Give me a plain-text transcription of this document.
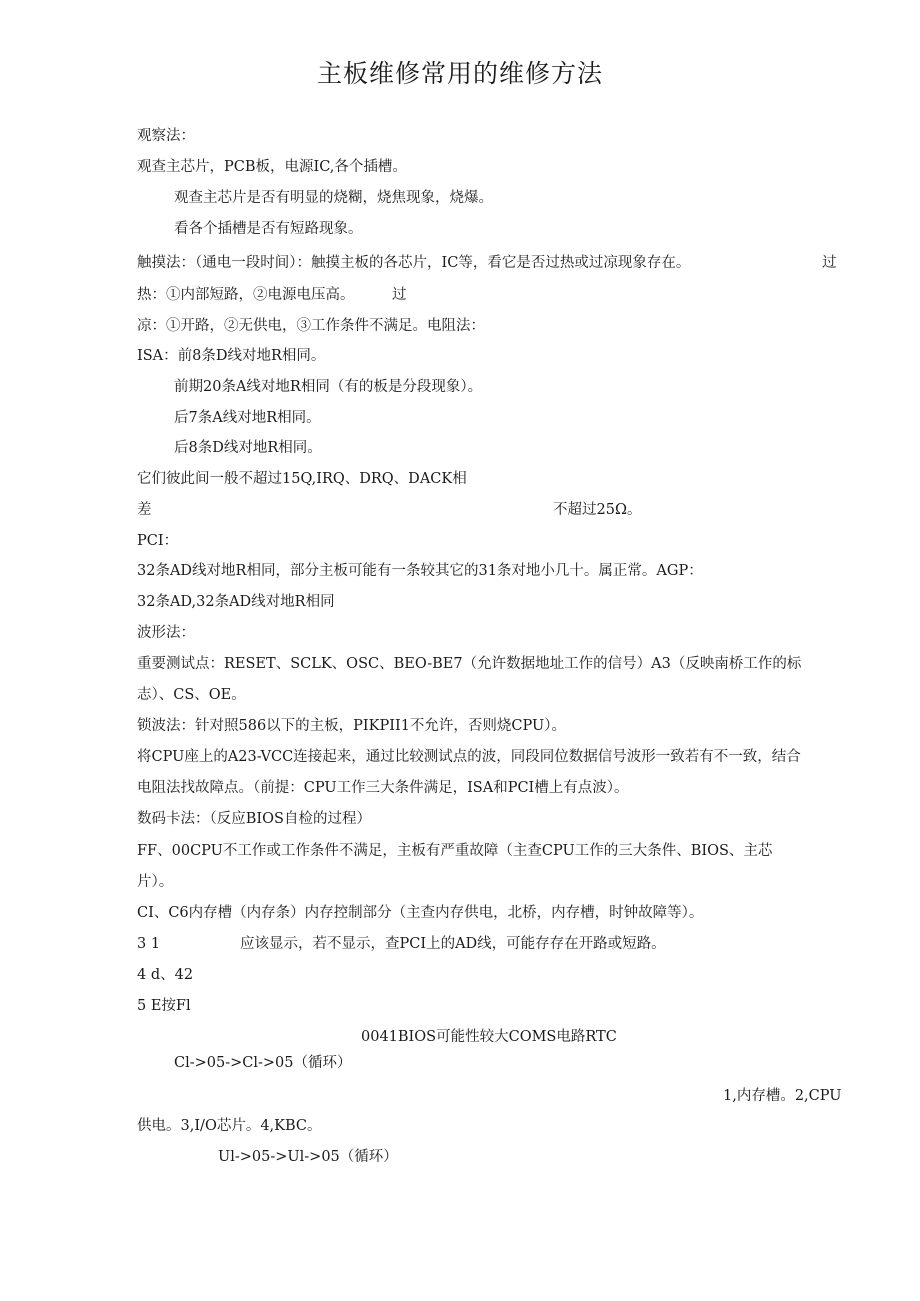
主板维修常用的维修方法
观察法：
观查主芯片，PCB板，电源IC,各个插槽。
观查主芯片是否有明显的烧糊，烧焦现象，烧爆。
看各个插槽是否有短路现象。
触摸法：（通电一段时间）：触摸主板的各芯片，IC等，看它是否过热或过凉现象存在。	过
热：①内部短路，②电源电压高。	过
凉：①开路，②无供电，③工作条件不满足。电阻法：
ISA：前8条D线对地R相同。
前期20条A线对地R相同（有的板是分段现象）。
后7条A线对地R相同。
后8条D线对地R相同。
它们彼此间一般不超过15Q,IRQ、DRQ、DACK相
差	不超过25Ω。
PCI：
32条AD线对地R相同，部分主板可能有一条较其它的31条对地小几十。属正常。AGP：
32条AD,32条AD线对地R相同
波形法：
重要测试点：RESET、SCLK、OSC、BEO-BE7（允许数据地址工作的信号）A3（反映南桥工作的标
志）、CS、OE。
锁波法：针对照586以下的主板，PIKPII1不允许，否则烧CPU）。
将CPU座上的A23-VCC连接起来，通过比较测试点的波，同段同位数据信号波形一致若有不一致，结合
电阻法找故障点。（前提：CPU工作三大条件满足，ISA和PCI槽上有点波）。
数码卡法：（反应BIOS自检的过程）
FF、00CPU不工作或工作条件不满足，主板有严重故障（主查CPU工作的三大条件、BIOS、主芯
片）。
CI、C6内存槽（内存条）内存控制部分（主查内存供电，北桥，内存槽，时钟故障等）。
3 1	应该显示，若不显示，查PCI上的AD线，可能存存在开路或短路。
4 d、42
5 E按Fl
0041BIOS可能性较大COMS电路RTC
Cl->05->Cl->05（循环）
1,内存槽。2,CPU
供电。3,I/O芯片。4,KBC。
Ul->05->Ul->05（循环）
